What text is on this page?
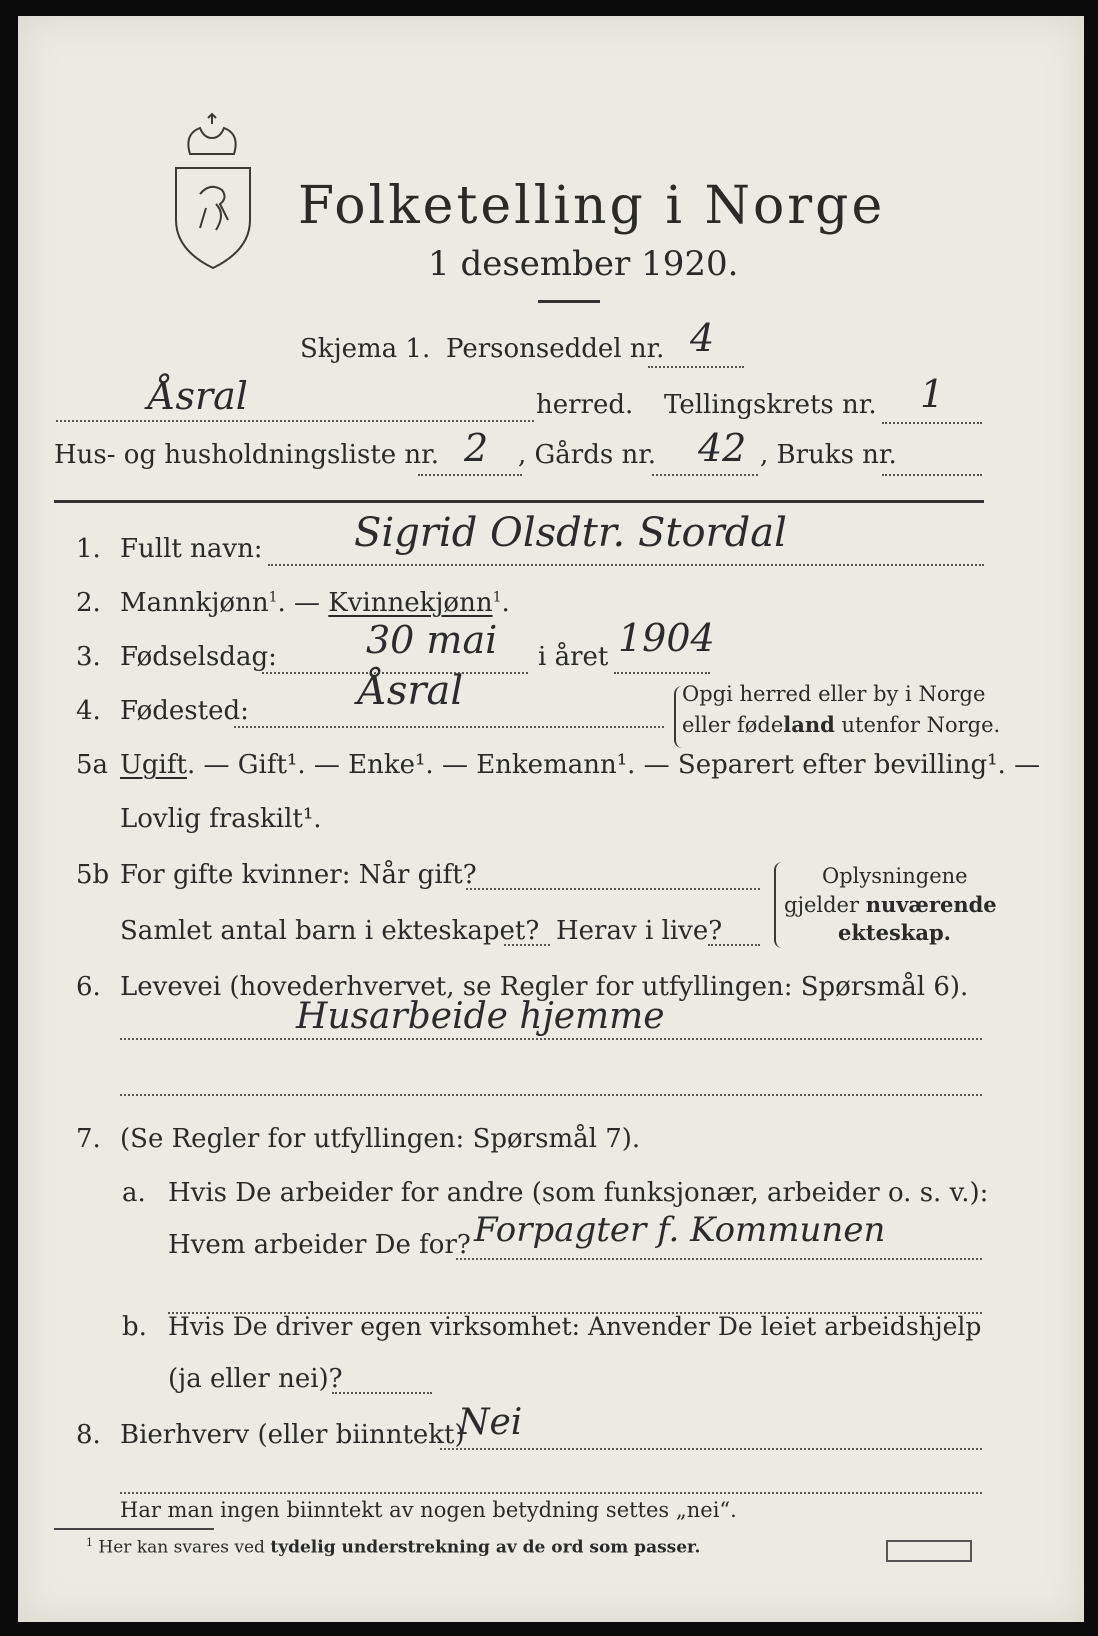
Folketelling i Norge
1 desember 1920.
Skjema 1. Personseddel nr. 4
Åsral	herred. Tellingskrets nr. 1
Hus- og husholdningsliste nr. 2 , Gårds nr. 42 , Bruks nr.
1. Fullt navn: Sigrid Olsdtr. Stordal
2. Mannkjønn$^1$. — Kvinnekjønn$^1$.
3. Fødselsdag: 30 mai i året 1904
4. Fødested:	Åsral	Opgi herred eller by i Norge
eller fødeland utenfor Norge.
5a Ugift. — Gift¹. — Enke¹. — Enkemann¹. — Separert efter bevilling¹. —
Lovlig fraskilt¹.
5b For gifte kvinner: Når gift?
Samlet antal barn i ekteskapet? Herav i live?
Oplysningene
gjelder nuværende
ekteskap.
6. Levevei (hovederhvervet, se Regler for utfyllingen: Spørsmål 6).
Husarbeide hjemme
7. (Se Regler for utfyllingen: Spørsmål 7).
a. Hvis De arbeider for andre (som funksjonær, arbeider o. s. v.):
Hvem arbeider De for? Forpagter f. Kommunen
b. Hvis De driver egen virksomhet: Anvender De leiet arbeidshjelp
(ja eller nei)?
8. Bierhverv (eller biinntekt)
Nei
Har man ingen biinntekt av nogen betydning settes „nei“.
$^1$ Her kan svares ved tydelig understrekning av de ord som passer.
